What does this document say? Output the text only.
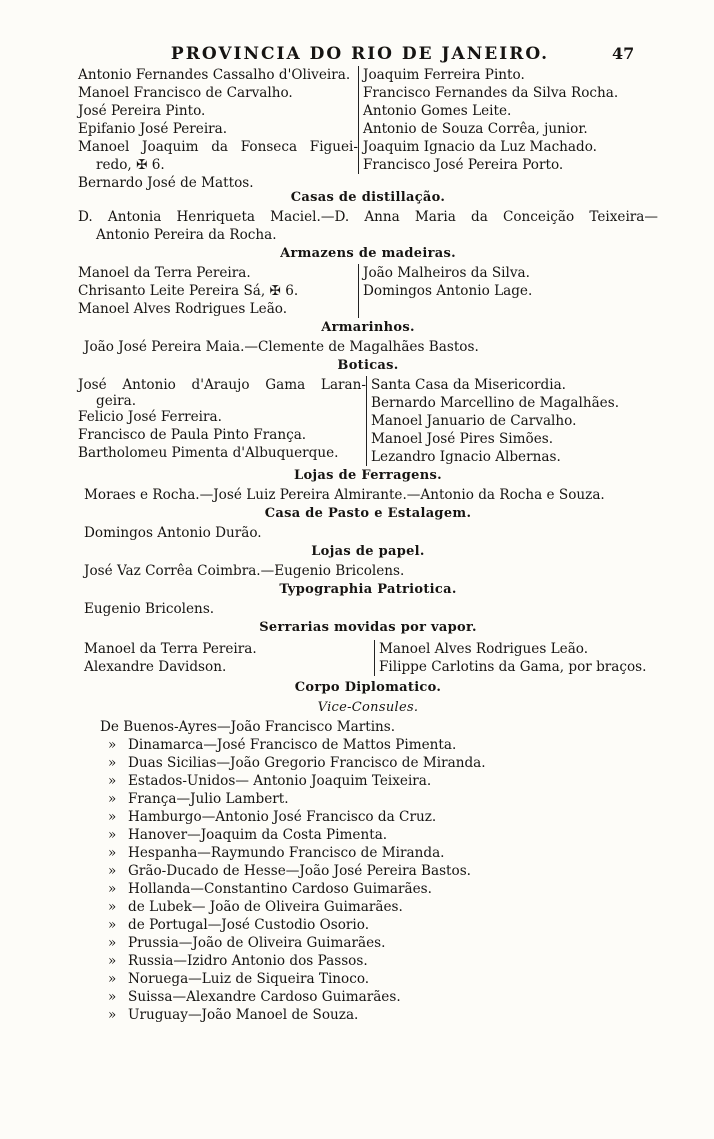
PROVINCIA DO RIO DE JANEIRO.	47
Antonio Fernandes Cassalho d'Oliveira.
Manoel Francisco de Carvalho.
José Pereira Pinto.
Epifanio José Pereira.
Manoel Joaquim da Fonseca Figuei-
redo, ✠ 6.
Bernardo José de Mattos.
Joaquim Ferreira Pinto.
Francisco Fernandes da Silva Rocha.
Antonio Gomes Leite.
Antonio de Souza Corrêa, junior.
Joaquim Ignacio da Luz Machado.
Francisco José Pereira Porto.
Casas de distillação.
D. Antonia Henriqueta Maciel.—D. Anna Maria da Conceição Teixeira—
Antonio Pereira da Rocha.
Armazens de madeiras.
Manoel da Terra Pereira.
Chrisanto Leite Pereira Sá, ✠ 6.
Manoel Alves Rodrigues Leão.
João Malheiros da Silva.
Domingos Antonio Lage.
Armarinhos.
João José Pereira Maia.—Clemente de Magalhães Bastos.
Boticas.
José Antonio d'Araujo Gama Laran-
geira.
Felicio José Ferreira.
Francisco de Paula Pinto França.
Bartholomeu Pimenta d'Albuquerque.
Santa Casa da Misericordia.
Bernardo Marcellino de Magalhães.
Manoel Januario de Carvalho.
Manoel José Pires Simões.
Lezandro Ignacio Albernas.
Lojas de Ferragens.
Moraes e Rocha.—José Luiz Pereira Almirante.—Antonio da Rocha e Souza.
Casa de Pasto e Estalagem.
Domingos Antonio Durão.
Lojas de papel.
José Vaz Corrêa Coimbra.—Eugenio Bricolens.
Typographia Patriotica.
Eugenio Bricolens.
Serrarias movidas por vapor.
Manoel da Terra Pereira.
Alexandre Davidson.
Manoel Alves Rodrigues Leão.
Filippe Carlotins da Gama, por braços.
Corpo Diplomatico.
Vice-Consules.
De Buenos-Ayres—João Francisco Martins.
» Dinamarca—José Francisco de Mattos Pimenta.
» Duas Sicilias—João Gregorio Francisco de Miranda.
» Estados-Unidos— Antonio Joaquim Teixeira.
» França—Julio Lambert.
» Hamburgo—Antonio José Francisco da Cruz.
» Hanover—Joaquim da Costa Pimenta.
» Hespanha—Raymundo Francisco de Miranda.
» Grão-Ducado de Hesse—João José Pereira Bastos.
» Hollanda—Constantino Cardoso Guimarães.
» de Lubek— João de Oliveira Guimarães.
» de Portugal—José Custodio Osorio.
» Prussia—João de Oliveira Guimarães.
» Russia—Izidro Antonio dos Passos.
» Noruega—Luiz de Siqueira Tinoco.
» Suissa—Alexandre Cardoso Guimarães.
» Uruguay—João Manoel de Souza.
